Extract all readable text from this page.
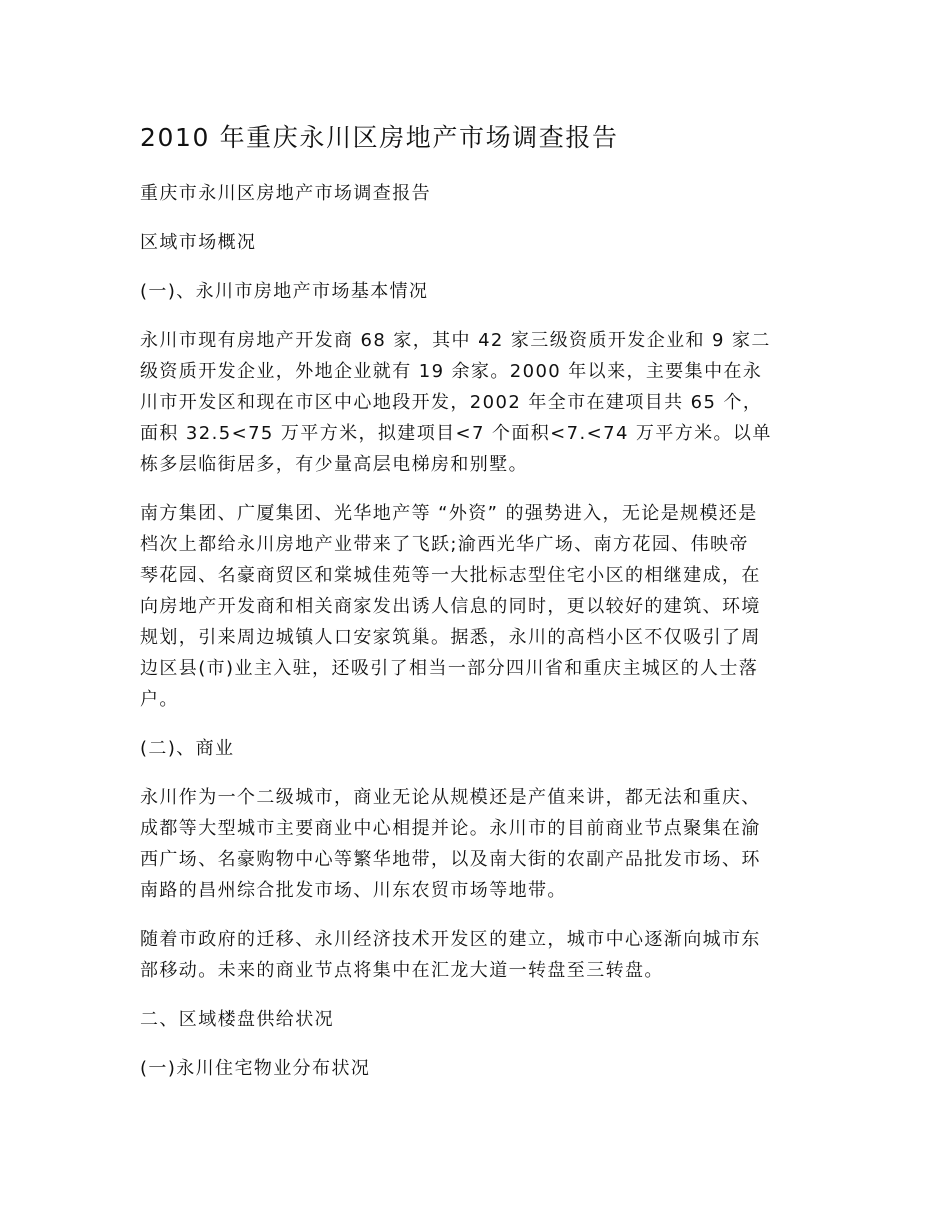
2010 年重庆永川区房地产市场调查报告
重庆市永川区房地产市场调查报告
区域市场概况
(一)、永川市房地产市场基本情况
永川市现有房地产开发商 68 家，其中 42 家三级资质开发企业和 9 家二
级资质开发企业，外地企业就有 19 余家。2000 年以来，主要集中在永
川市开发区和现在市区中心地段开发，2002 年全市在建项目共 65 个，
面积 32.5<75 万平方米，拟建项目<7 个面积<7.<74 万平方米。以单
栋多层临街居多，有少量高层电梯房和别墅。
南方集团、广厦集团、光华地产等 “外资” 的强势进入，无论是规模还是
档次上都给永川房地产业带来了飞跃;渝西光华广场、南方花园、伟映帝
琴花园、名豪商贸区和棠城佳苑等一大批标志型住宅小区的相继建成，在
向房地产开发商和相关商家发出诱人信息的同时，更以较好的建筑、环境
规划，引来周边城镇人口安家筑巢。据悉，永川的高档小区不仅吸引了周
边区县(市)业主入驻，还吸引了相当一部分四川省和重庆主城区的人士落
户。
(二)、商业
永川作为一个二级城市，商业无论从规模还是产值来讲，都无法和重庆、
成都等大型城市主要商业中心相提并论。永川市的目前商业节点聚集在渝
西广场、名豪购物中心等繁华地带，以及南大街的农副产品批发市场、环
南路的昌州综合批发市场、川东农贸市场等地带。
随着市政府的迁移、永川经济技术开发区的建立，城市中心逐渐向城市东
部移动。未来的商业节点将集中在汇龙大道一转盘至三转盘。
二、区域楼盘供给状况
(一)永川住宅物业分布状况
